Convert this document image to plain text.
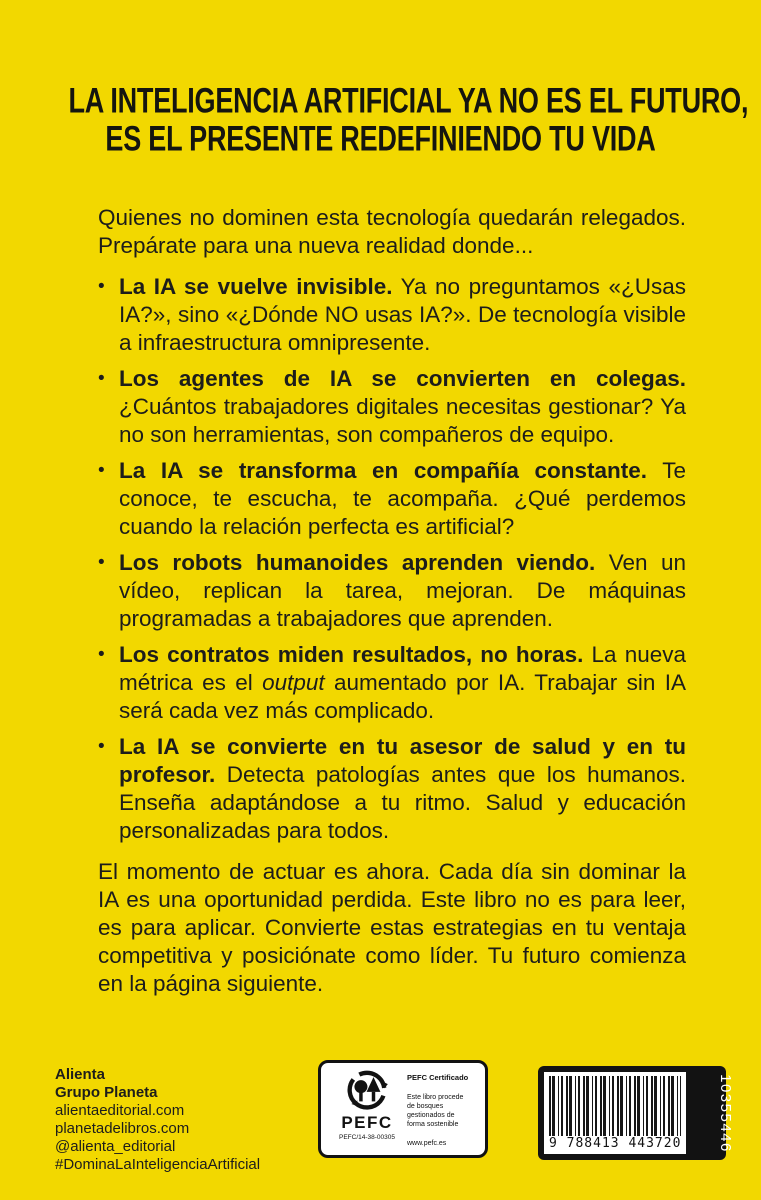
LA INTELIGENCIA ARTIFICIAL YA NO ES EL FUTURO,
ES EL PRESENTE REDEFINIENDO TU VIDA

Quienes no dominen esta tecnología quedarán relegados. Prepárate para una nueva realidad donde...

• La IA se vuelve invisible. Ya no preguntamos «¿Usas IA?», sino «¿Dónde NO usas IA?». De tecnología visible a infraestructura omnipresente.

• Los agentes de IA se convierten en colegas. ¿Cuántos trabajadores digitales necesitas gestionar? Ya no son herramientas, son compañeros de equipo.

• La IA se transforma en compañía constante. Te conoce, te escucha, te acompaña. ¿Qué perdemos cuando la relación perfecta es artificial?

• Los robots humanoides aprenden viendo. Ven un vídeo, replican la tarea, mejoran. De máquinas programadas a trabajadores que aprenden.

• Los contratos miden resultados, no horas. La nueva métrica es el output aumentado por IA. Trabajar sin IA será cada vez más complicado.

• La IA se convierte en tu asesor de salud y en tu profesor. Detecta patologías antes que los humanos. Enseña adaptándose a tu ritmo. Salud y educación personalizadas para todos.

El momento de actuar es ahora. Cada día sin dominar la IA es una oportunidad perdida. Este libro no es para leer, es para aplicar. Convierte estas estrategias en tu ventaja competitiva y posiciónate como líder. Tu futuro comienza en la página siguiente.

Alienta
Grupo Planeta
alientaeditorial.com
planetadelibros.com
@alienta_editorial
#DominaLaInteligenciaArtificial
PEFC
PEFC/14-38-00305
PEFC Certificado
Este libro procede de bosques gestionados de forma sostenible
www.pefc.es	9 788413 443720 10355446
